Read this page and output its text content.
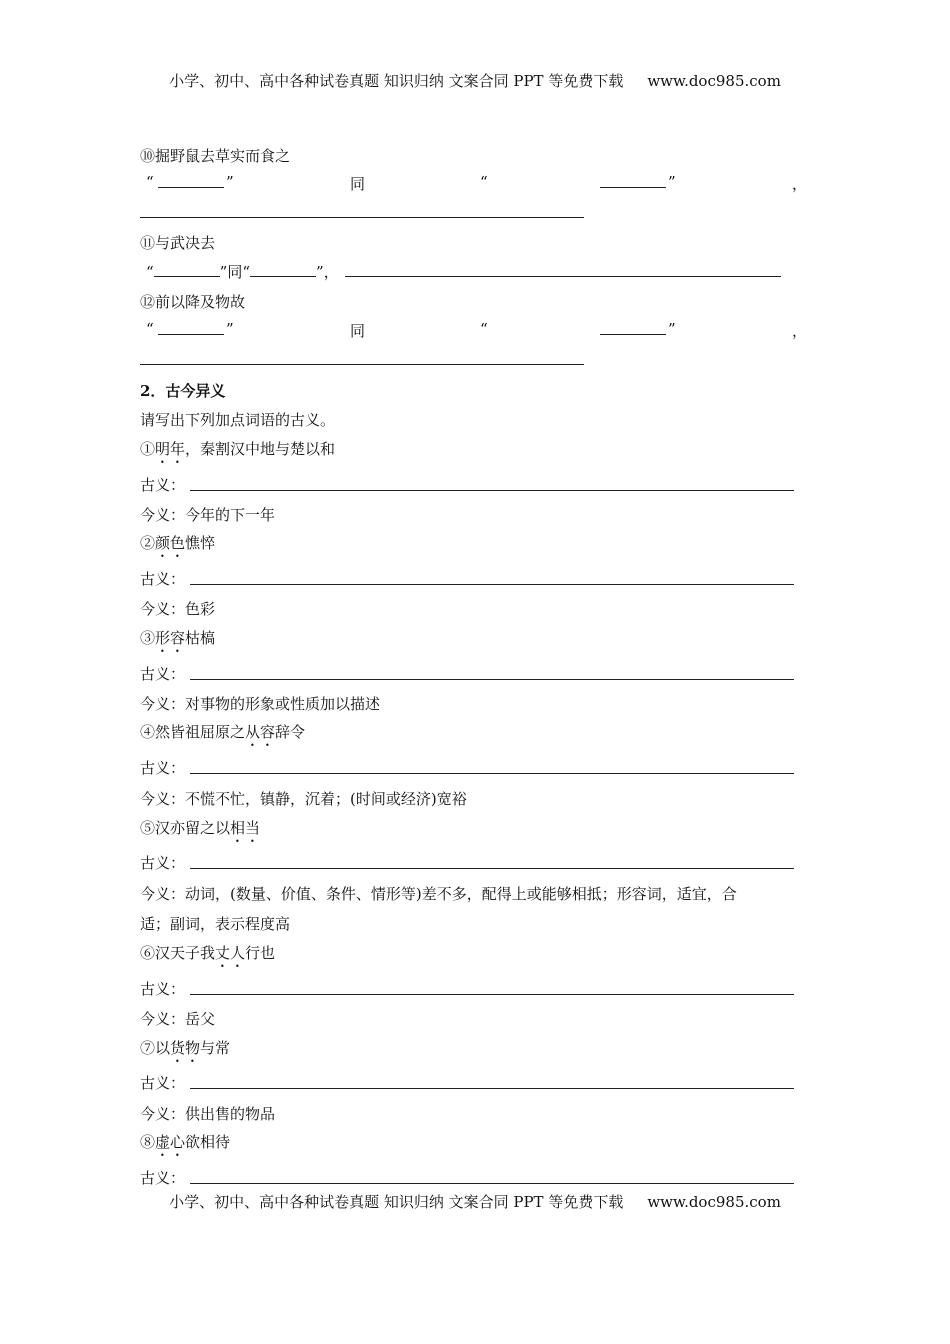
小学、初中、高中各种试卷真题 知识归纳 文案合同 PPT 等免费下载 www.doc985.com
⑩掘野鼠去草实而食之
“	”	同	“	”	，
⑪与武决去
“	”同“	”，
⑫前以降及物故
“	”	同	“	”	，
2．古今异义
请写出下列加点词语的古义。
①明年，秦割汉中地与楚以和
古义：
今义：今年的下一年
②颜色憔悴
古义：
今义：色彩
③形容枯槁
古义：
今义：对事物的形象或性质加以描述
④然皆祖屈原之从容辞令
古义：
今义：不慌不忙，镇静，沉着；(时间或经济)宽裕
⑤汉亦留之以相当
古义：
今义：动词，(数量、价值、条件、情形等)差不多，配得上或能够相抵；形容词，适宜，合
适；副词，表示程度高
⑥汉天子我丈人行也
古义：
今义：岳父
⑦以货物与常
古义：
今义：供出售的物品
⑧虚心欲相待
古义：
小学、初中、高中各种试卷真题 知识归纳 文案合同 PPT 等免费下载 www.doc985.com
